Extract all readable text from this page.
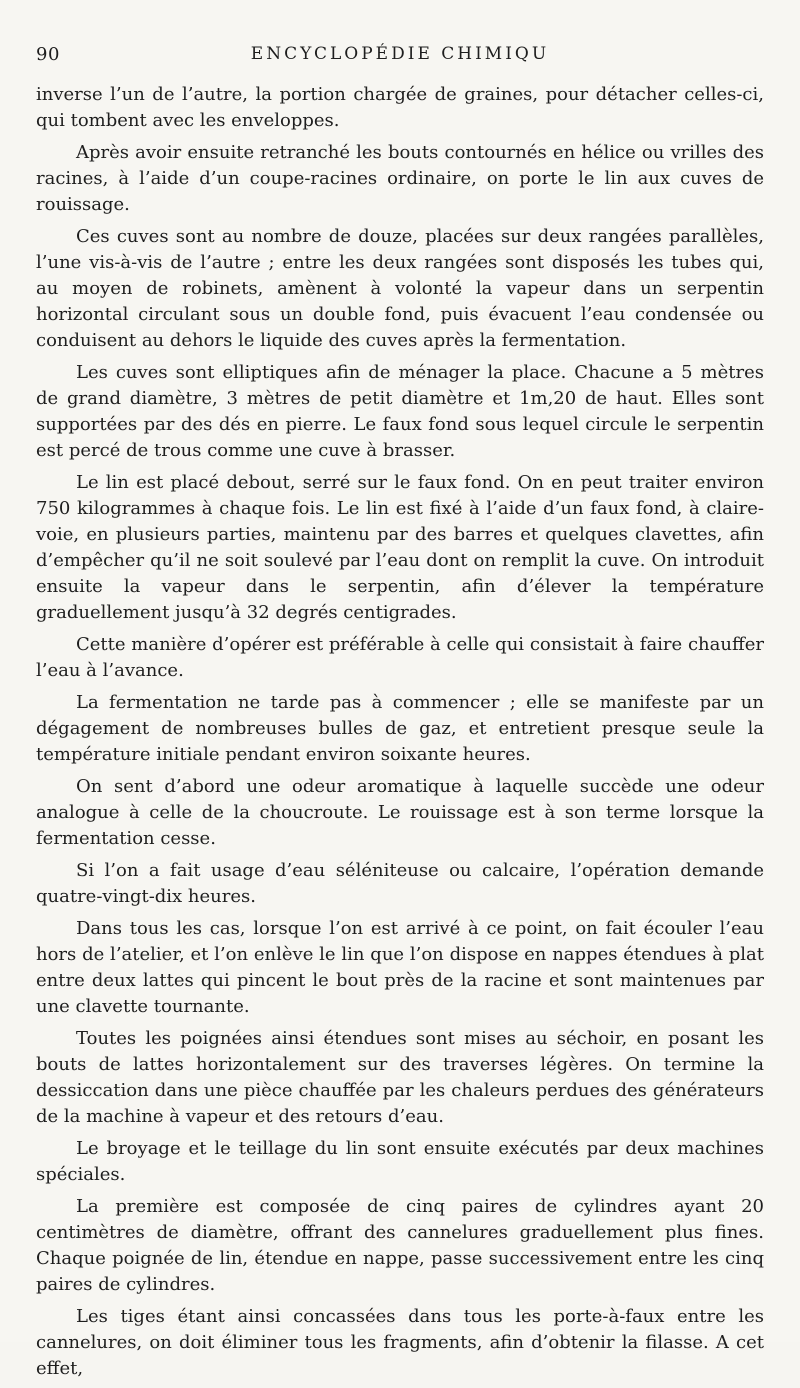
90	ENCYCLOPÉDIE CHIMIQU

inverse l’un de l’autre, la portion chargée de graines, pour détacher celles-ci, qui tombent avec les enveloppes.

Après avoir ensuite retranché les bouts contournés en hélice ou vrilles des racines, à l’aide d’un coupe-racines ordinaire, on porte le lin aux cuves de rouissage.

Ces cuves sont au nombre de douze, placées sur deux rangées parallèles, l’une vis-à-vis de l’autre ; entre les deux rangées sont disposés les tubes qui, au moyen de robinets, amènent à volonté la vapeur dans un serpentin horizontal circulant sous un double fond, puis évacuent l’eau condensée ou conduisent au dehors le liquide des cuves après la fermentation.

Les cuves sont elliptiques afin de ménager la place. Chacune a 5 mètres de grand diamètre, 3 mètres de petit diamètre et 1m,20 de haut. Elles sont supportées par des dés en pierre. Le faux fond sous lequel circule le serpentin est percé de trous comme une cuve à brasser.

Le lin est placé debout, serré sur le faux fond. On en peut traiter environ 750 kilogrammes à chaque fois. Le lin est fixé à l’aide d’un faux fond, à claire-voie, en plusieurs parties, maintenu par des barres et quelques clavettes, afin d’empêcher qu’il ne soit soulevé par l’eau dont on remplit la cuve. On introduit ensuite la vapeur dans le serpentin, afin d’élever la température graduellement jusqu’à 32 degrés centigrades.

Cette manière d’opérer est préférable à celle qui consistait à faire chauffer l’eau à l’avance.

La fermentation ne tarde pas à commencer ; elle se manifeste par un dégagement de nombreuses bulles de gaz, et entretient presque seule la température initiale pendant environ soixante heures.

On sent d’abord une odeur aromatique à laquelle succède une odeur analogue à celle de la choucroute. Le rouissage est à son terme lorsque la fermentation cesse.

Si l’on a fait usage d’eau séléniteuse ou calcaire, l’opération demande quatre-vingt-dix heures.

Dans tous les cas, lorsque l’on est arrivé à ce point, on fait écouler l’eau hors de l’atelier, et l’on enlève le lin que l’on dispose en nappes étendues à plat entre deux lattes qui pincent le bout près de la racine et sont maintenues par une clavette tournante.

Toutes les poignées ainsi étendues sont mises au séchoir, en posant les bouts de lattes horizontalement sur des traverses légères. On termine la dessiccation dans une pièce chauffée par les chaleurs perdues des générateurs de la machine à vapeur et des retours d’eau.

Le broyage et le teillage du lin sont ensuite exécutés par deux machines spéciales.

La première est composée de cinq paires de cylindres ayant 20 centimètres de diamètre, offrant des cannelures graduellement plus fines. Chaque poignée de lin, étendue en nappe, passe successivement entre les cinq paires de cylindres.

Les tiges étant ainsi concassées dans tous les porte-à-faux entre les cannelures, on doit éliminer tous les fragments, afin d’obtenir la filasse. A cet effet,
